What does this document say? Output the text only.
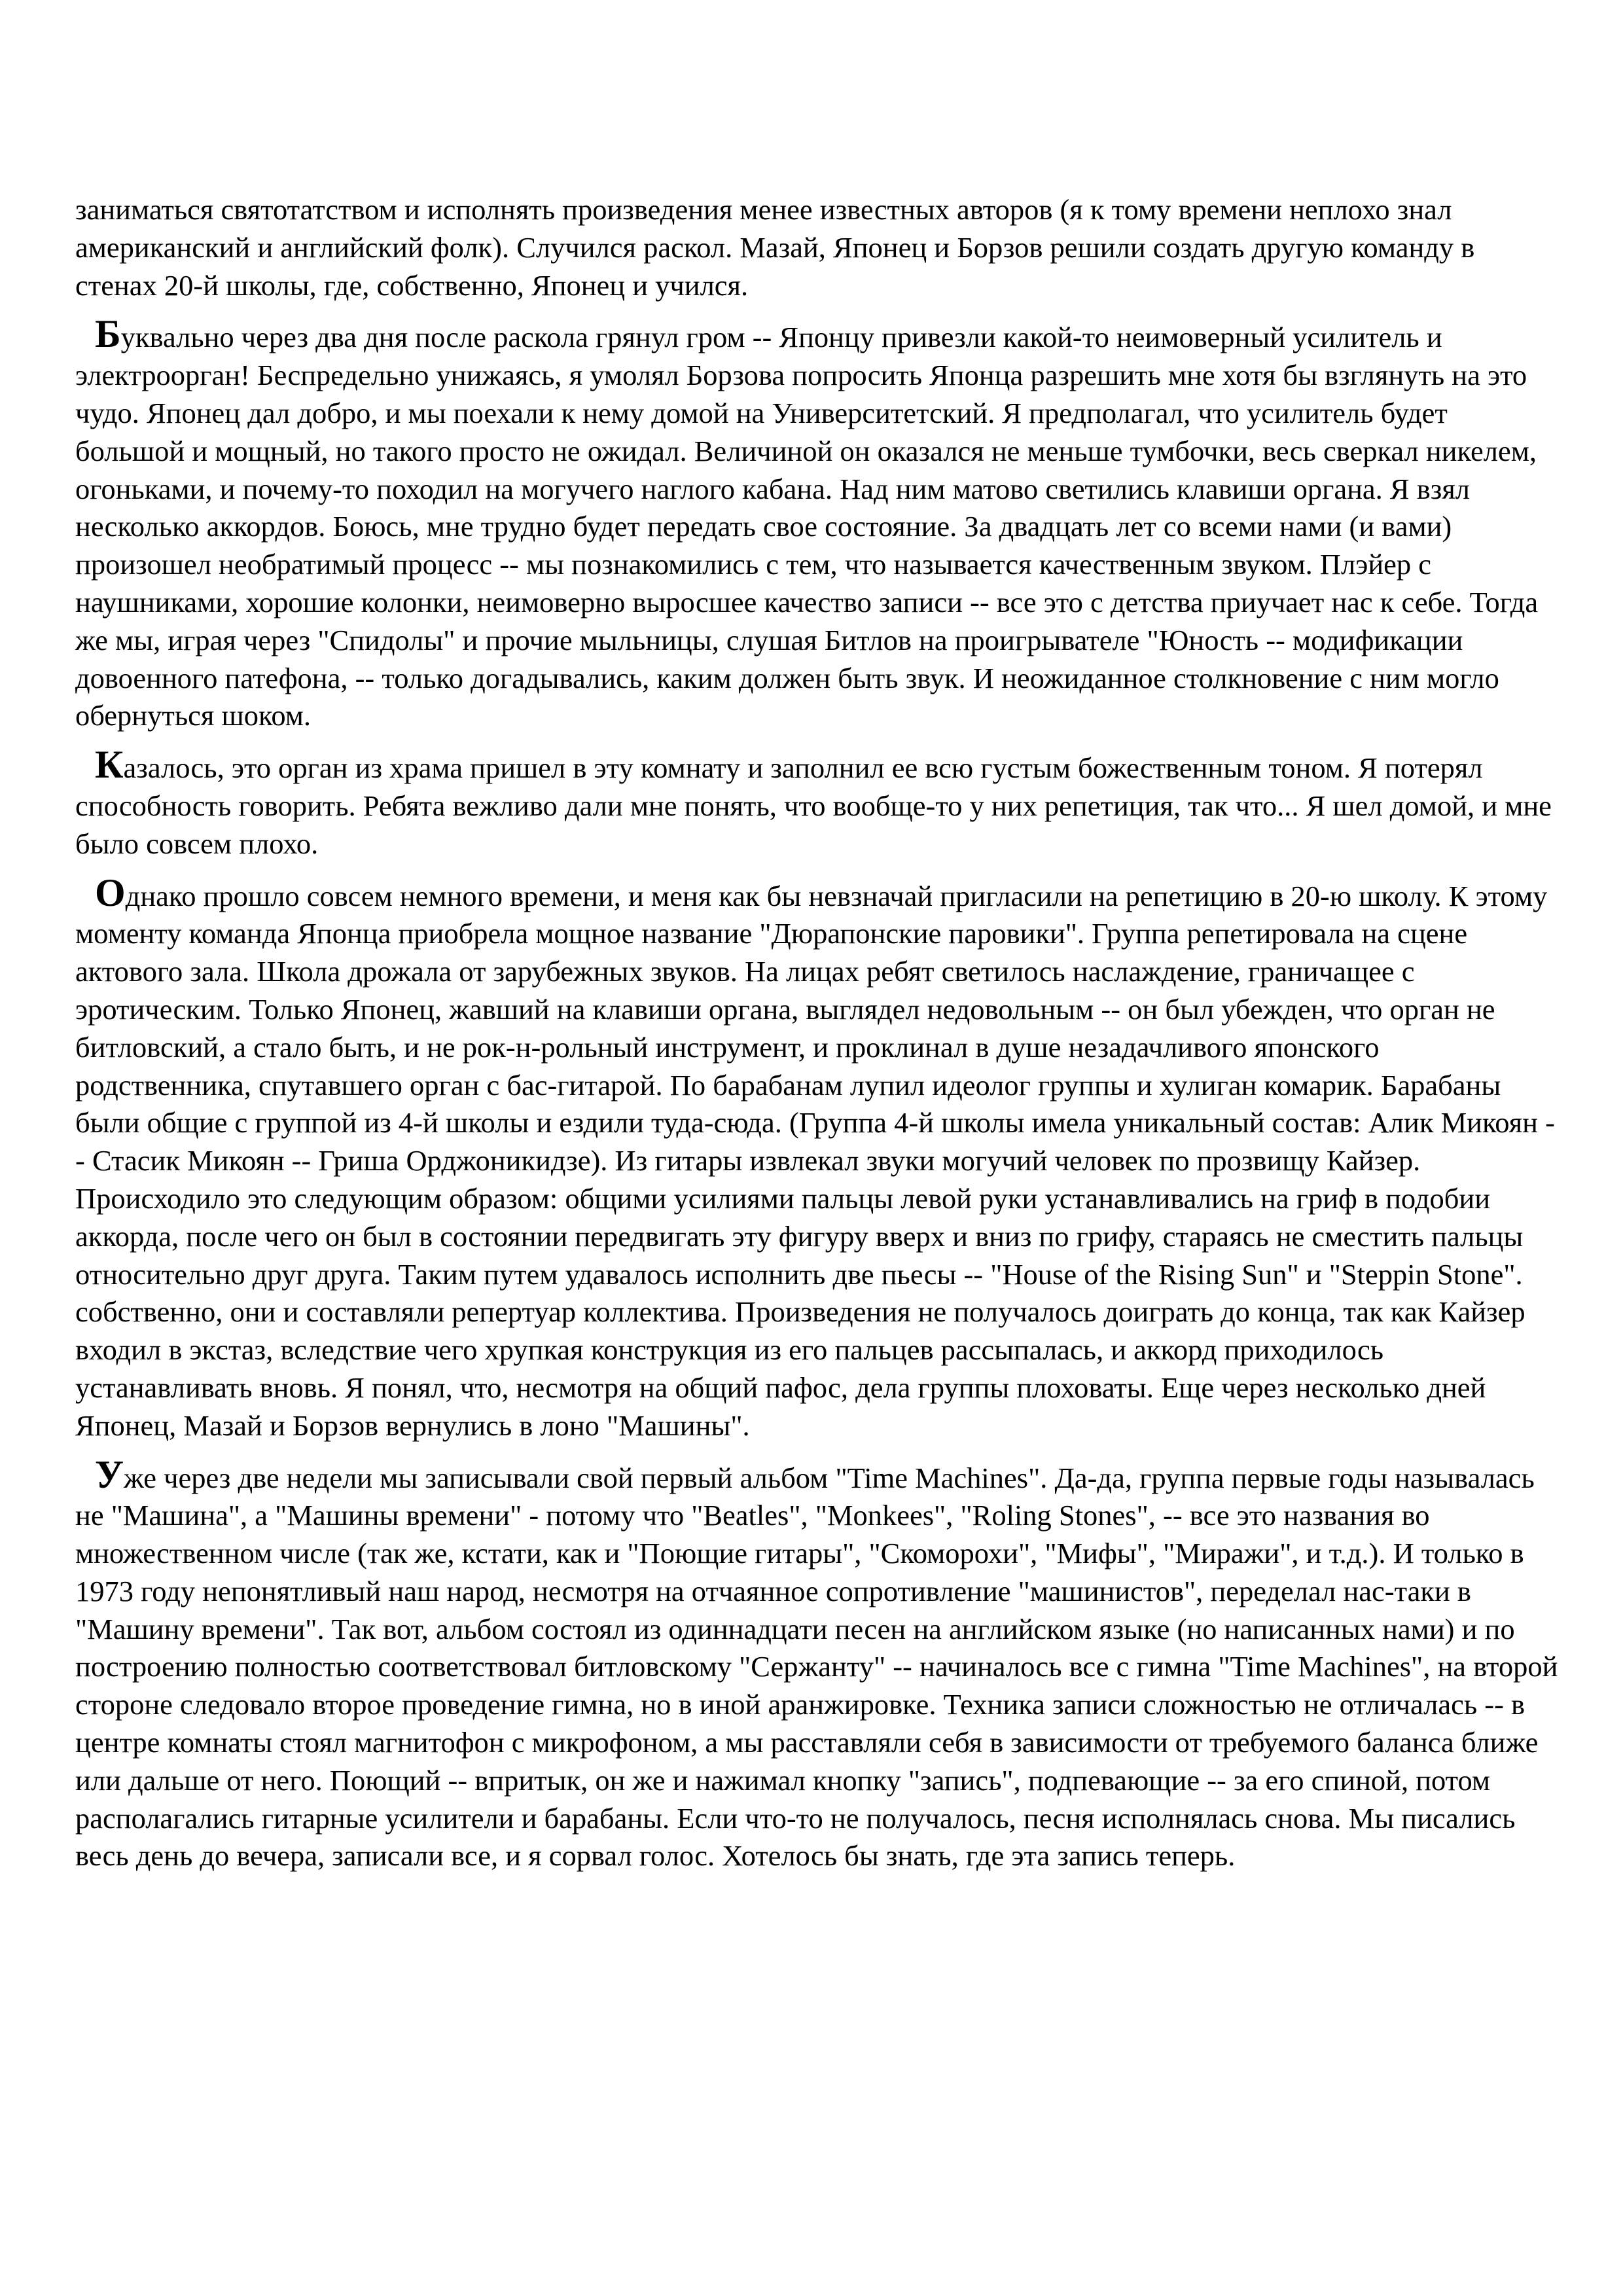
заниматься святотатством и исполнять произведения менее известных авторов (я к тому времени неплохо знал американский и английский фолк). Случился раскол. Мазай, Японец и Борзов решили создать другую команду в стенах 20-й школы, где, собственно, Японец и учился.

Буквально через два дня после раскола грянул гром -- Японцу привезли какой-то неимоверный усилитель и электроорган! Беспредельно унижаясь, я умолял Борзова попросить Японца разрешить мне хотя бы взглянуть на это чудо. Японец дал добро, и мы поехали к нему домой на Университетский. Я предполагал, что усилитель будет большой и мощный, но такого просто не ожидал. Величиной он оказался не меньше тумбочки, весь сверкал никелем, огоньками, и почему-то походил на могучего наглого кабана. Над ним матово светились клавиши органа. Я взял несколько аккордов. Боюсь, мне трудно будет передать свое состояние. За двадцать лет со всеми нами (и вами) произошел необратимый процесс -- мы познакомились с тем, что называется качественным звуком. Плэйер с наушниками, хорошие колонки, неимоверно выросшее качество записи -- все это с детства приучает нас к себе. Тогда же мы, играя через "Спидолы" и прочие мыльницы, слушая Битлов на проигрывателе "Юность -- модификации довоенного патефона, -- только догадывались, каким должен быть звук. И неожиданное столкновение с ним могло обернуться шоком.

Казалось, это орган из храма пришел в эту комнату и заполнил ее всю густым божественным тоном. Я потерял способность говорить. Ребята вежливо дали мне понять, что вообще-то у них репетиция, так что... Я шел домой, и мне было совсем плохо.

Однако прошло совсем немного времени, и меня как бы невзначай пригласили на репетицию в 20-ю школу. К этому моменту команда Японца приобрела мощное название "Дюрапонские паровики". Группа репетировала на сцене актового зала. Школа дрожала от зарубежных звуков. На лицах ребят светилось наслаждение, граничащее с эротическим. Только Японец, жавший на клавиши органа, выглядел недовольным -- он был убежден, что орган не битловский, а стало быть, и не рок-н-рольный инструмент, и проклинал в душе незадачливого японского родственника, спутавшего орган с бас-гитарой. По барабанам лупил идеолог группы и хулиган комарик. Барабаны были общие с группой из 4-й школы и ездили туда-сюда. (Группа 4-й школы имела уникальный состав: Алик Микоян -- Стасик Микоян -- Гриша Орджоникидзе). Из гитары извлекал звуки могучий человек по прозвищу Кайзер. Происходило это следующим образом: общими усилиями пальцы левой руки устанавливались на гриф в подобии аккорда, после чего он был в состоянии передвигать эту фигуру вверх и вниз по грифу, стараясь не сместить пальцы относительно друг друга. Таким путем удавалось исполнить две пьесы -- "House of the Rising Sun" и "Steppin Stone". собственно, они и составляли репертуар коллектива. Произведения не получалось доиграть до конца, так как Кайзер входил в экстаз, вследствие чего хрупкая конструкция из его пальцев рассыпалась, и аккорд приходилось устанавливать вновь. Я понял, что, несмотря на общий пафос, дела группы плоховаты. Еще через несколько дней Японец, Мазай и Борзов вернулись в лоно "Машины".

Уже через две недели мы записывали свой первый альбом "Time Machines". Да-да, группа первые годы называлась не "Машина", а "Машины времени" - потому что "Beatles", "Monkees", "Roling Stones", -- все это названия во множественном числе (так же, кстати, как и "Поющие гитары", "Скоморохи", "Мифы", "Миражи", и т.д.). И только в 1973 году непонятливый наш народ, несмотря на отчаянное сопротивление "машинистов", переделал нас-таки в "Машину времени". Так вот, альбом состоял из одиннадцати песен на английском языке (но написанных нами) и по построению полностью соответствовал битловскому "Сержанту" -- начиналось все с гимна "Time Machines", на второй стороне следовало второе проведение гимна, но в иной аранжировке. Техника записи сложностью не отличалась -- в центре комнаты стоял магнитофон с микрофоном, а мы расставляли себя в зависимости от требуемого баланса ближе или дальше от него. Поющий -- впритык, он же и нажимал кнопку "запись", подпевающие -- за его спиной, потом располагались гитарные усилители и барабаны. Если что-то не получалось, песня исполнялась снова. Мы писались весь день до вечера, записали все, и я сорвал голос. Хотелось бы знать, где эта запись теперь.
